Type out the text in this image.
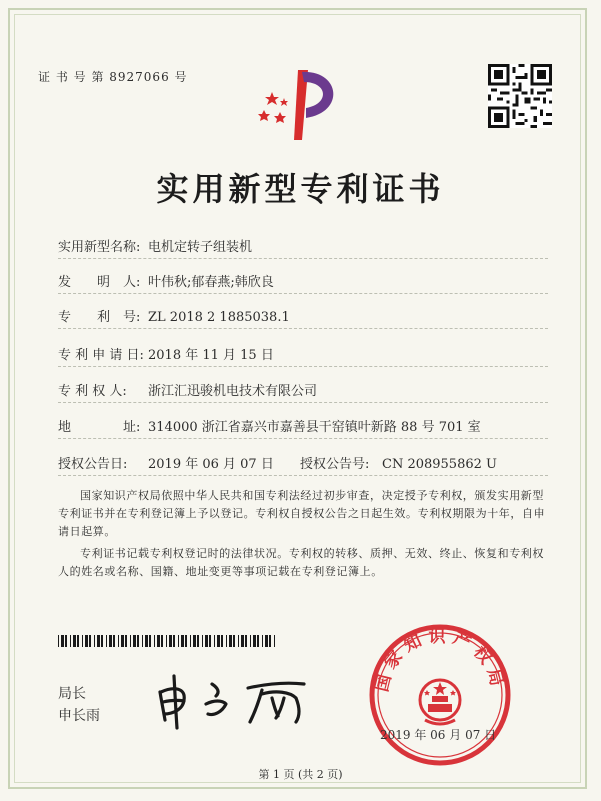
证 书 号 第 8927066 号
实用新型专利证书
实用新型名称: 电机定转子组装机
发　　明　人: 叶伟秋;郁春燕;韩欣良
专　　利　号: ZL 2018 2 1885038.1
专 利 申 请 日: 2018 年 11 月 15 日
专 利 权 人: 浙江汇迅骏机电技术有限公司
地　　　　址: 314000 浙江省嘉兴市嘉善县干窑镇叶新路 88 号 701 室
授权公告日: 2019 年 06 月 07 日 授权公告号: CN 208955862 U
国家知识产权局依照中华人民共和国专利法经过初步审查，决定授予专利权，颁发实用新型专利证书并在专利登记簿上予以登记。专利权自授权公告之日起生效。专利权期限为十年，自申请日起算。
专利证书记载专利权登记时的法律状况。专利权的转移、质押、无效、终止、恢复和专利权人的姓名或名称、国籍、地址变更等事项记载在专利登记簿上。
局长
申长雨
国家知识产权局
2019 年 06 月 07 日
第 1 页 (共 2 页)
